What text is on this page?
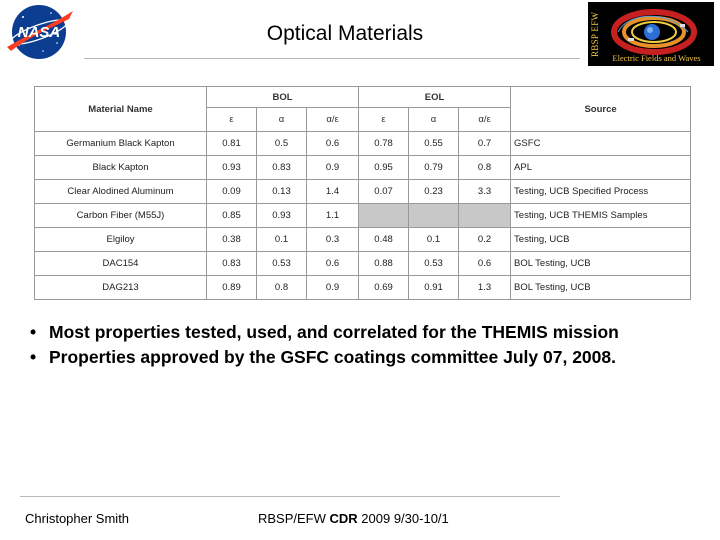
NASA	Optical Materials	RBSP EFW
Electric Fields and Waves
Material Name	BOL			EOL			Source
	ε	α	α/ε	ε	α	α/ε	
Germanium Black Kapton	0.81	0.5	0.6	0.78	0.55	0.7	GSFC
Black Kapton	0.93	0.83	0.9	0.95	0.79	0.8	APL
Clear Alodined Aluminum	0.09	0.13	1.4	0.07	0.23	3.3	Testing, UCB Specified Process
Carbon Fiber (M55J)	0.85	0.93	1.1				Testing, UCB THEMIS Samples
Elgiloy	0.38	0.1	0.3	0.48	0.1	0.2	Testing, UCB
DAC154	0.83	0.53	0.6	0.88	0.53	0.6	BOL Testing, UCB
DAG213	0.89	0.8	0.9	0.69	0.91	1.3	BOL Testing, UCB
• Most properties tested, used, and correlated for the THEMIS mission
• Properties approved by the GSFC coatings committee July 07, 2008.
Christopher Smith	RBSP/EFW CDR 2009 9/30-10/1
